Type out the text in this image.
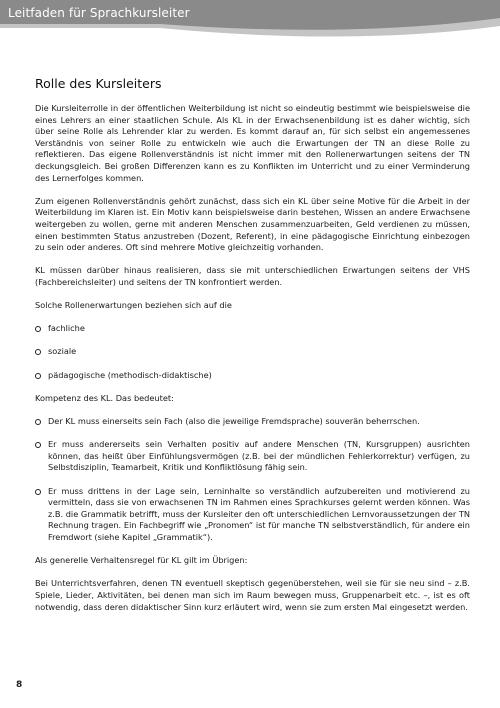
Leitfaden für Sprachkursleiter
Rolle des Kursleiters

Die Kursleiterrolle in der öffentlichen Weiterbildung ist nicht so eindeutig bestimmt wie beispielsweise die eines Lehrers an einer staatlichen Schule. Als KL in der Erwachsenenbildung ist es daher wichtig, sich über seine Rolle als Lehrender klar zu werden. Es kommt darauf an, für sich selbst ein angemessenes Verständnis von seiner Rolle zu entwickeln wie auch die Erwartungen der TN an diese Rolle zu reflektieren. Das eigene Rollenverständnis ist nicht immer mit den Rollenerwartungen seitens der TN deckungsgleich. Bei großen Differenzen kann es zu Konflikten im Unterricht und zu einer Verminderung des Lernerfolges kommen.

Zum eigenen Rollenverständnis gehört zunächst, dass sich ein KL über seine Motive für die Arbeit in der Weiterbildung im Klaren ist. Ein Motiv kann beispielsweise darin bestehen, Wissen an andere Erwachsene weitergeben zu wollen, gerne mit anderen Menschen zusammenzuarbeiten, Geld verdienen zu müssen, einen bestimmten Status anzustreben (Dozent, Referent), in eine pädagogische Einrichtung einbezogen zu sein oder anderes. Oft sind mehrere Motive gleichzeitig vorhanden.

KL müssen darüber hinaus realisieren, dass sie mit unterschiedlichen Erwartungen seitens der VHS (Fachbereichsleiter) und seitens der TN konfrontiert werden.

Solche Rollenerwartungen beziehen sich auf die

fachliche
soziale
pädagogische (methodisch-didaktische)

Kompetenz des KL. Das bedeutet:

Der KL muss einerseits sein Fach (also die jeweilige Fremdsprache) souverän beherrschen.
Er muss andererseits sein Verhalten positiv auf andere Menschen (TN, Kursgruppen) ausrichten können, das heißt über Einfühlungsvermögen (z.B. bei der mündlichen Fehlerkorrektur) verfügen, zu Selbstdisziplin, Teamarbeit, Kritik und Konfliktlösung fähig sein.
Er muss drittens in der Lage sein, Lerninhalte so verständlich aufzubereiten und motivierend zu vermitteln, dass sie von erwachsenen TN im Rahmen eines Sprachkurses gelernt werden können. Was z.B. die Grammatik betrifft, muss der Kursleiter den oft unterschiedlichen Lernvoraussetzungen der TN Rechnung tragen. Ein Fachbegriff wie „Pronomen“ ist für manche TN selbstverständlich, für andere ein Fremdwort (siehe Kapitel „Grammatik“).

Als generelle Verhaltensregel für KL gilt im Übrigen:

Bei Unterrichtsverfahren, denen TN eventuell skeptisch gegenüberstehen, weil sie für sie neu sind – z.B. Spiele, Lieder, Aktivitäten, bei denen man sich im Raum bewegen muss, Gruppenarbeit etc. –, ist es oft notwendig, dass deren didaktischer Sinn kurz erläutert wird, wenn sie zum ersten Mal eingesetzt werden.

8
